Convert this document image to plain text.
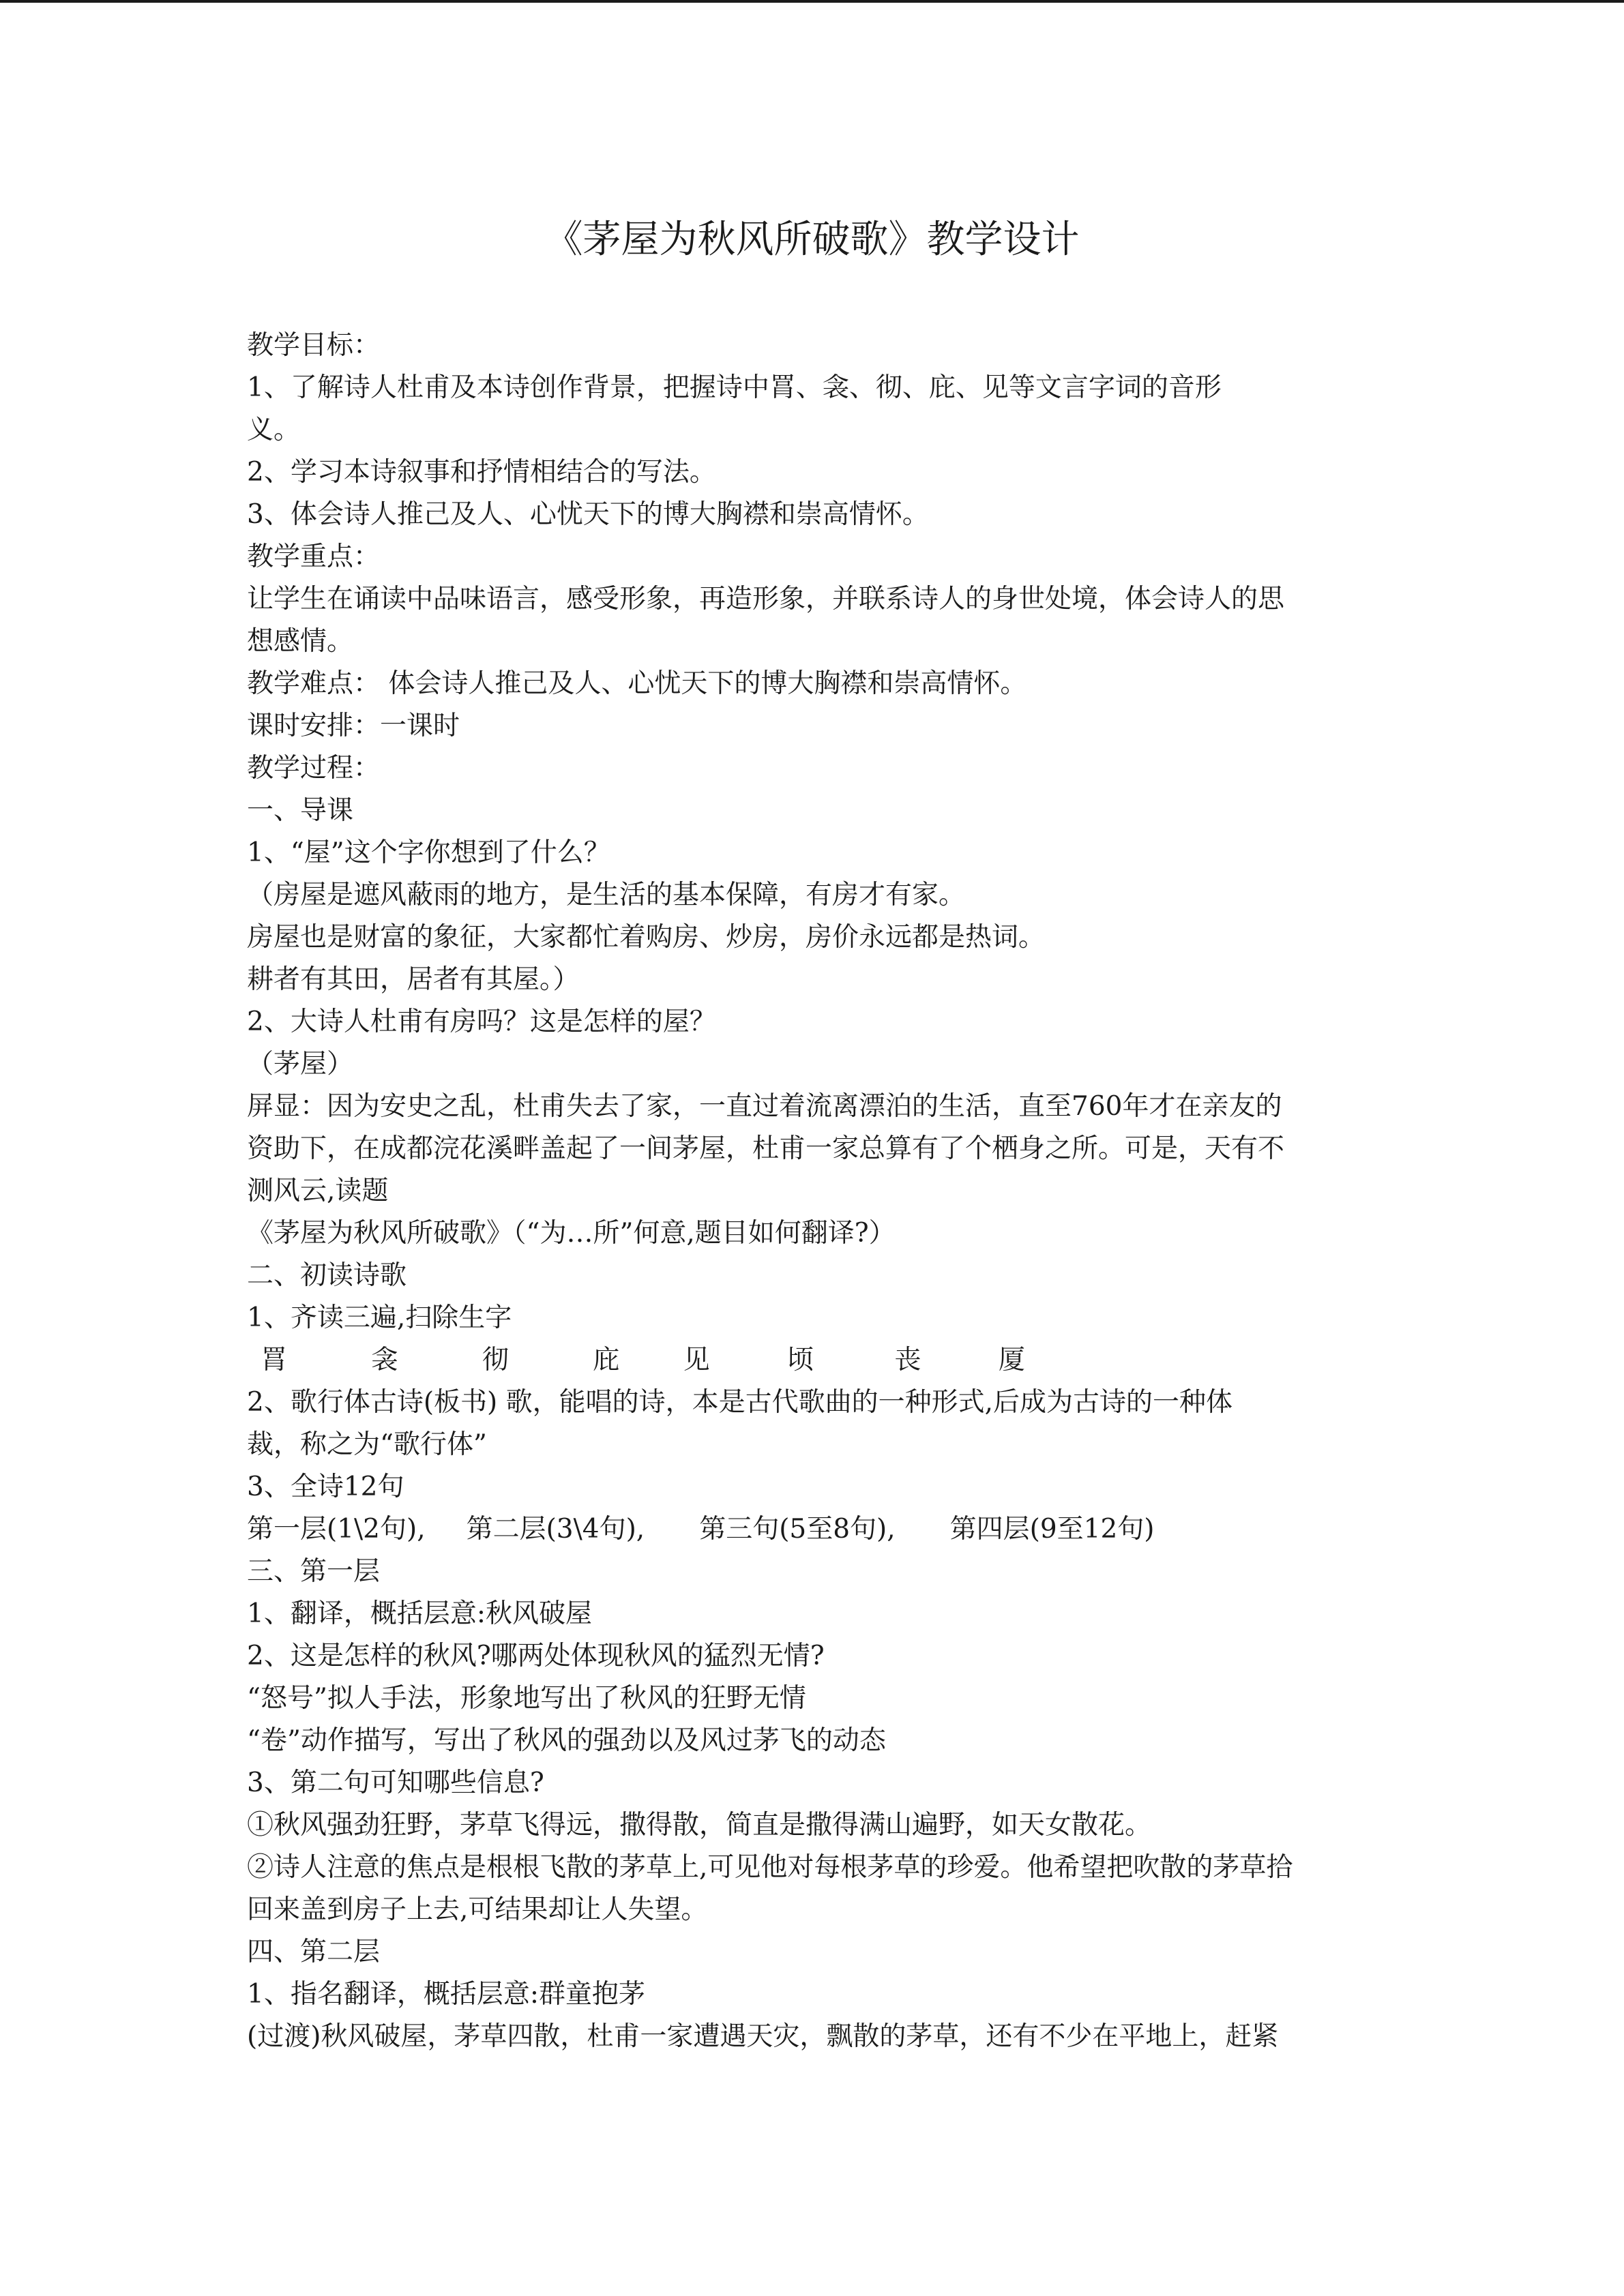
《茅屋为秋风所破歌》教学设计
教学目标：
1、了解诗人杜甫及本诗创作背景，把握诗中罥、衾、彻、庇、见等文言字词的音形
义。
2、学习本诗叙事和抒情相结合的写法。
3、体会诗人推己及人、心忧天下的博大胸襟和崇高情怀。
教学重点：
让学生在诵读中品味语言，感受形象，再造形象，并联系诗人的身世处境，体会诗人的思
想感情。
教学难点： 体会诗人推己及人、心忧天下的博大胸襟和崇高情怀。
课时安排：一课时
教学过程：
一、导课
1、“屋”这个字你想到了什么？
（房屋是遮风蔽雨的地方，是生活的基本保障，有房才有家。
房屋也是财富的象征，大家都忙着购房、炒房，房价永远都是热词。
耕者有其田，居者有其屋。）
2、大诗人杜甫有房吗？这是怎样的屋？
（茅屋）
屏显：因为安史之乱，杜甫失去了家，一直过着流离漂泊的生活，直至760年才在亲友的
资助下，在成都浣花溪畔盖起了一间茅屋，杜甫一家总算有了个栖身之所。可是，天有不
测风云,读题
《茅屋为秋风所破歌》（“为…所”何意,题目如何翻译?）
二、初读诗歌
1、齐读三遍,扫除生字
罥	衾	彻	庇 见	顷	丧	厦
2、歌行体古诗(板书) 歌，能唱的诗，本是古代歌曲的一种形式,后成为古诗的一种体
裁，称之为“歌行体”
3、全诗12句
第一层(1\2句), 第二层(3\4句), 第三句(5至8句), 第四层(9至12句)
三、第一层
1、翻译，概括层意:秋风破屋
2、这是怎样的秋风?哪两处体现秋风的猛烈无情?
“怒号”拟人手法，形象地写出了秋风的狂野无情
“卷”动作描写，写出了秋风的强劲以及风过茅飞的动态
3、第二句可知哪些信息?
①秋风强劲狂野，茅草飞得远，撒得散，简直是撒得满山遍野，如天女散花。
②诗人注意的焦点是根根飞散的茅草上,可见他对每根茅草的珍爱。他希望把吹散的茅草拾
回来盖到房子上去,可结果却让人失望。
四、第二层
1、指名翻译，概括层意:群童抱茅
(过渡)秋风破屋，茅草四散，杜甫一家遭遇天灾，飘散的茅草，还有不少在平地上，赶紧
